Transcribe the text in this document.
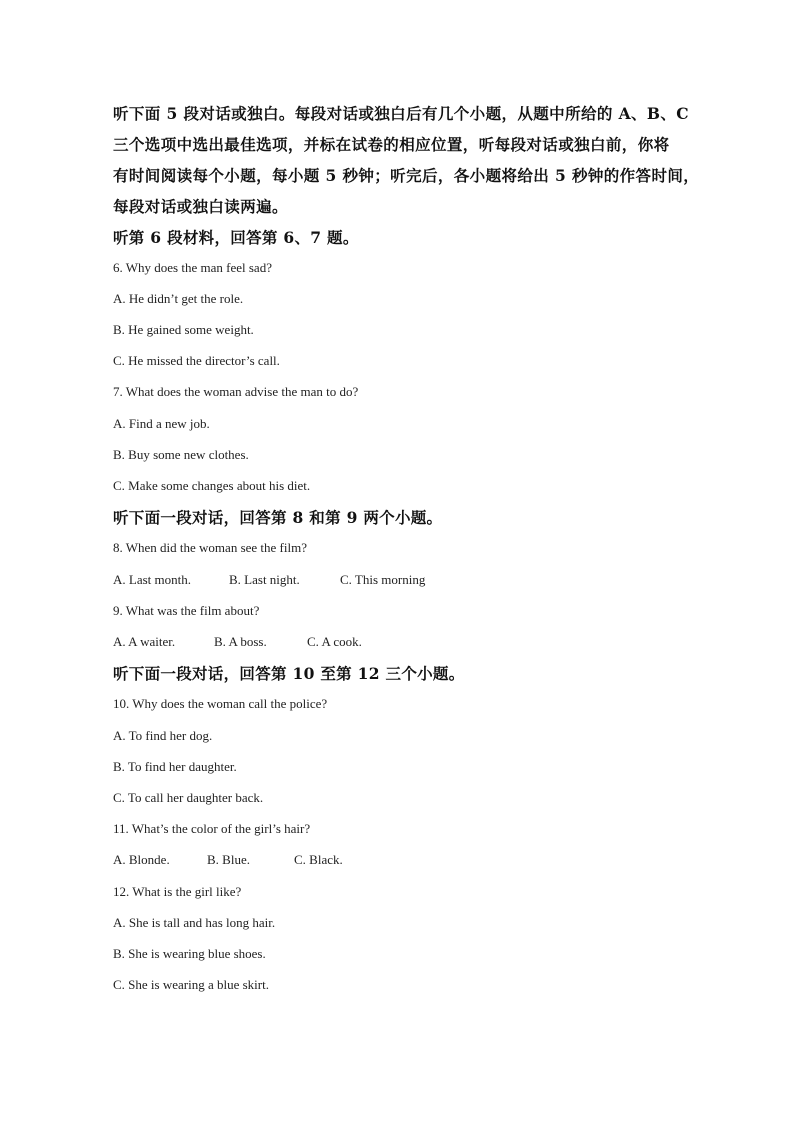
听下面 5 段对话或独白。每段对话或独白后有几个小题，从题中所给的 A、B、C
三个选项中选出最佳选项，并标在试卷的相应位置，听每段对话或独白前，你将
有时间阅读每个小题，每小题 5 秒钟；听完后，各小题将给出 5 秒钟的作答时间，
每段对话或独白读两遍。
听第 6 段材料，回答第 6、7 题。
6. Why does the man feel sad?
A. He didn’t get the role.
B. He gained some weight.
C. He missed the director’s call.
7. What does the woman advise the man to do?
A. Find a new job.
B. Buy some new clothes.
C. Make some changes about his diet.
听下面一段对话，回答第 8 和第 9 两个小题。
8. When did the woman see the film?
A. Last month.	B. Last night.	C. This morning
9. What was the film about?
A. A waiter.	B. A boss.	C. A cook.
听下面一段对话，回答第 10 至第 12 三个小题。
10. Why does the woman call the police?
A. To find her dog.
B. To find her daughter.
C. To call her daughter back.
11. What’s the color of the girl’s hair?
A. Blonde.	B. Blue.	C. Black.
12. What is the girl like?
A. She is tall and has long hair.
B. She is wearing blue shoes.
C. She is wearing a blue skirt.
